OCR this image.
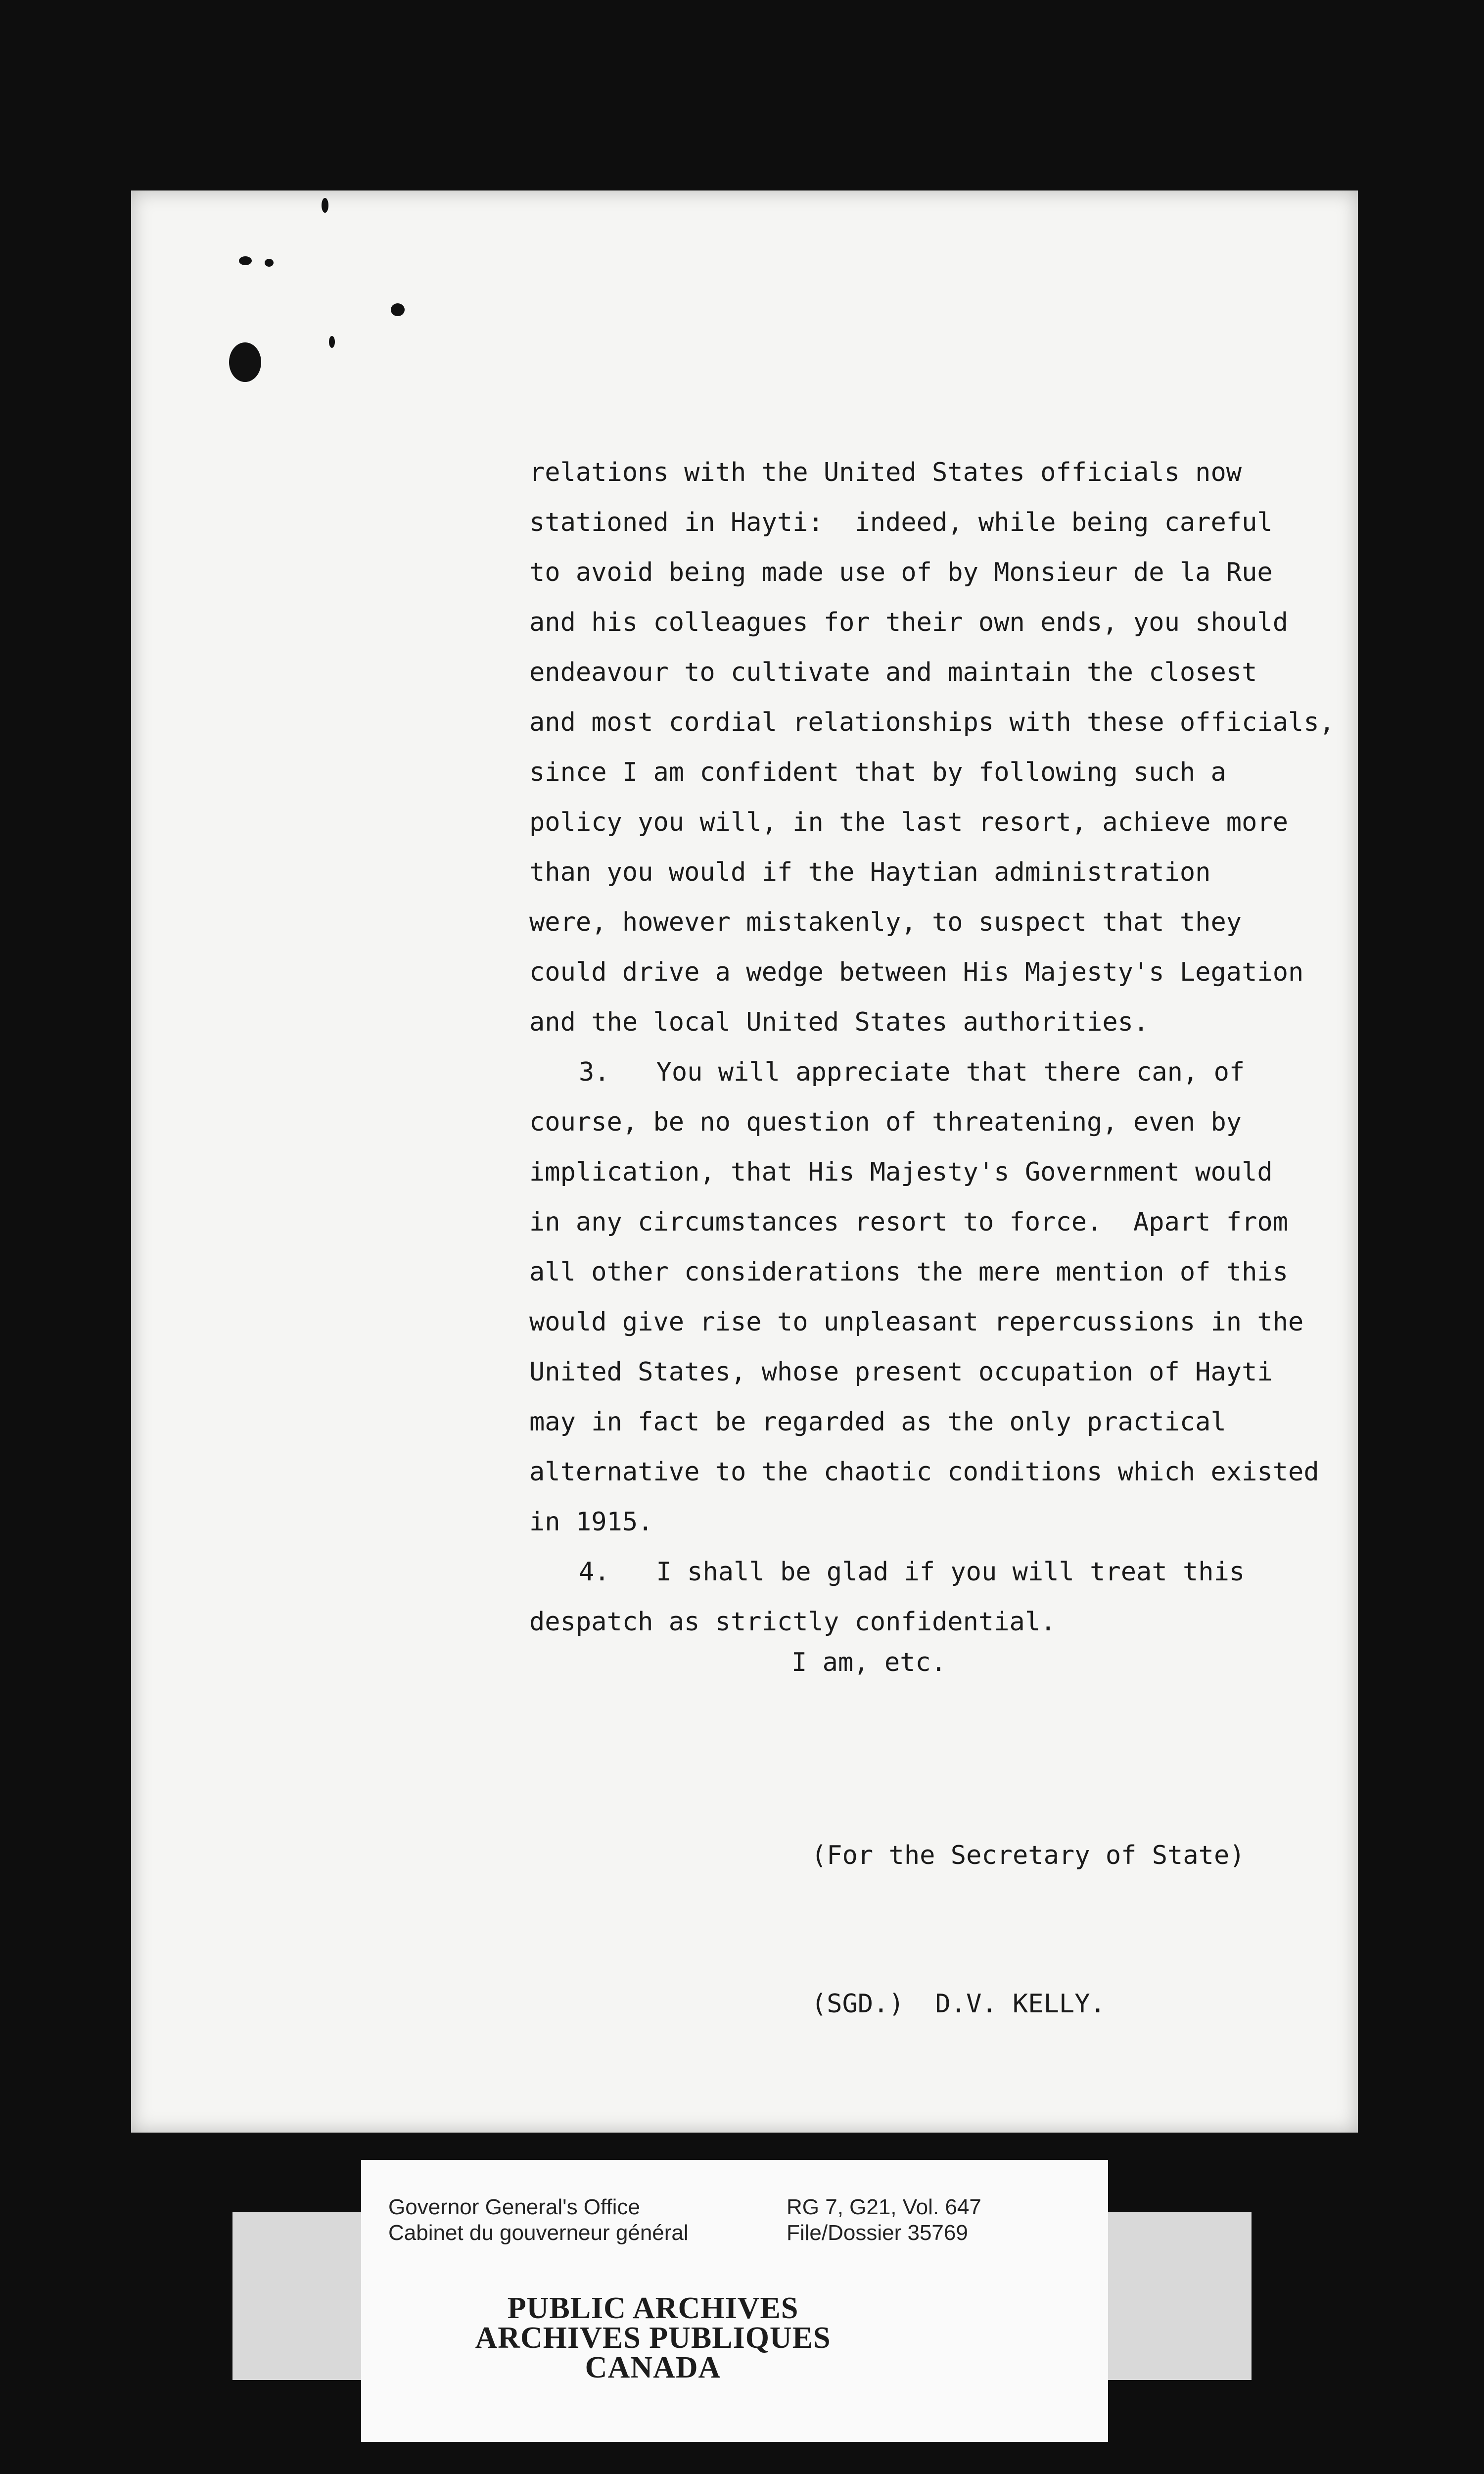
relations with the United States officials now
stationed in Hayti:  indeed, while being careful
to avoid being made use of by Monsieur de la Rue
and his colleagues for their own ends, you should
endeavour to cultivate and maintain the closest
and most cordial relationships with these officials,
since I am confident that by following such a
policy you will, in the last resort, achieve more
than you would if the Haytian administration
were, however mistakenly, to suspect that they
could drive a wedge between His Majesty's Legation
and the local United States authorities.
3.   You will appreciate that there can, of
course, be no question of threatening, even by
implication, that His Majesty's Government would
in any circumstances resort to force.  Apart from
all other considerations the mere mention of this
would give rise to unpleasant repercussions in the
United States, whose present occupation of Hayti
may in fact be regarded as the only practical
alternative to the chaotic conditions which existed
in 1915.
4.   I shall be glad if you will treat this
despatch as strictly confidential.
I am, etc.

(For the Secretary of State)

(SGD.)  D.V. KELLY.

Governor General's Office
Cabinet du gouverneur général
RG 7, G21, Vol. 647
File/Dossier 35769
PUBLIC ARCHIVES
ARCHIVES PUBLIQUES
CANADA
